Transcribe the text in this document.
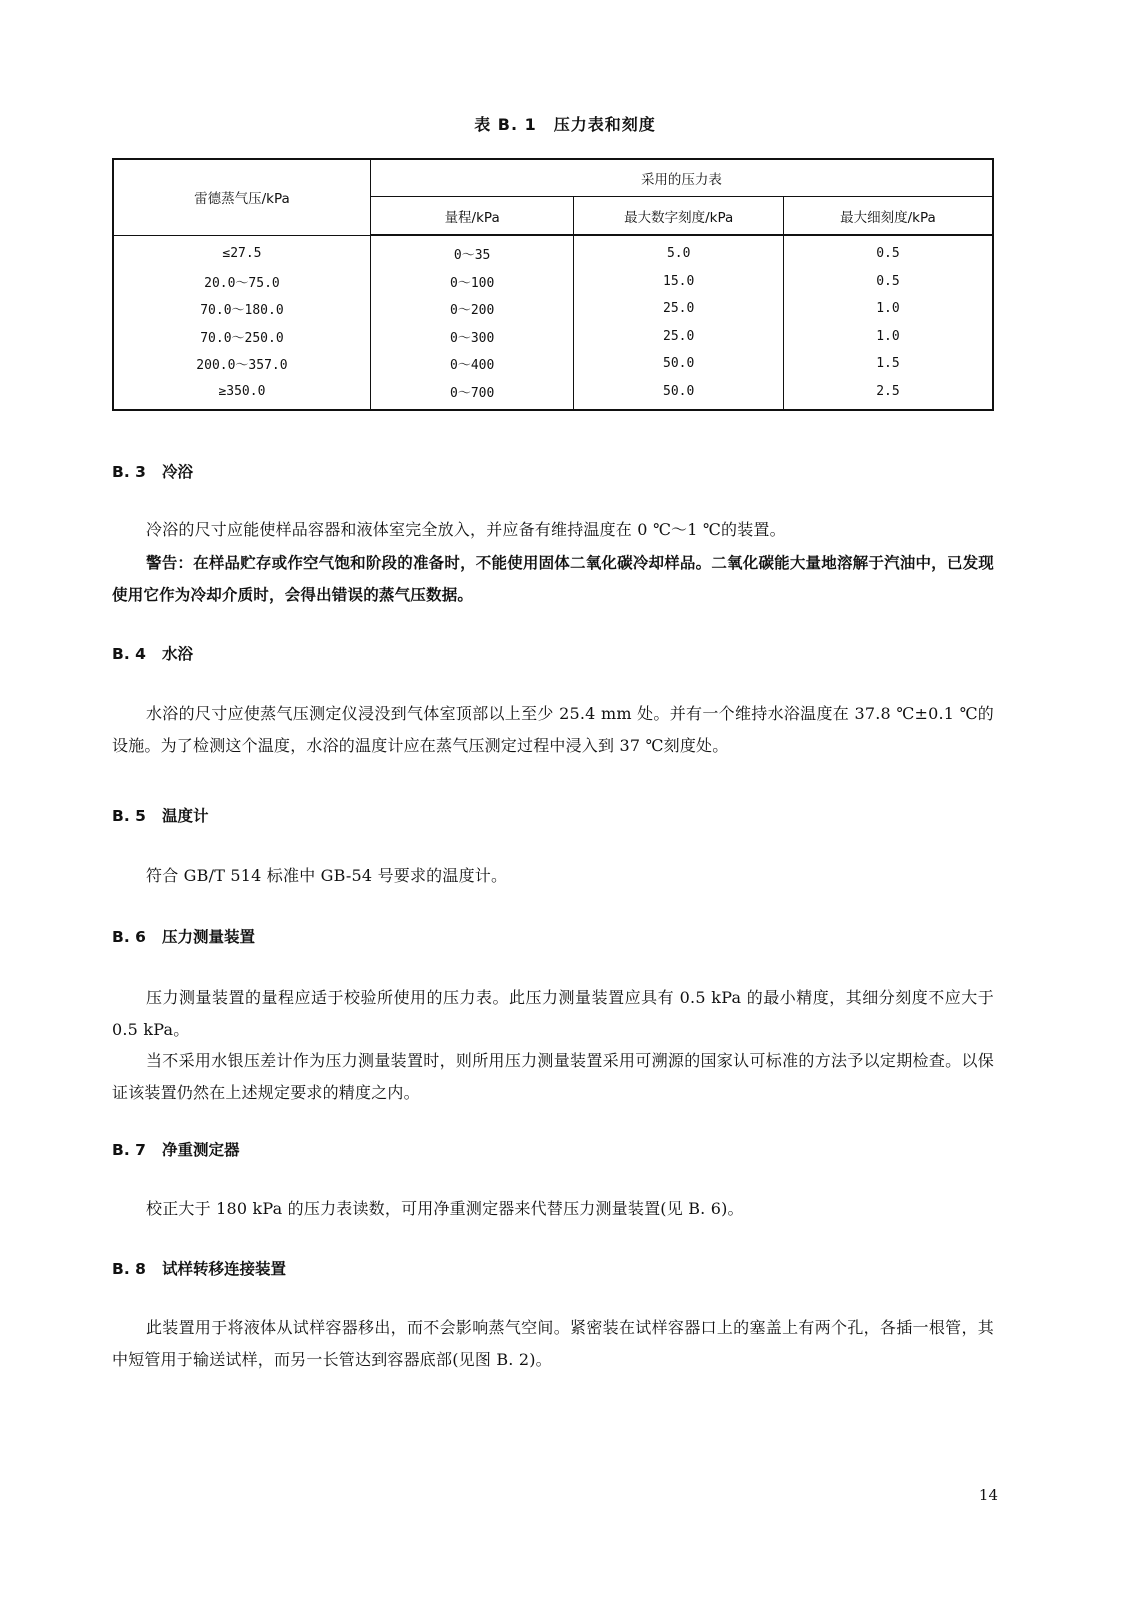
表 B. 1　压力表和刻度
雷德蒸气压/kPa	采用的压力表		
	量程/kPa	最大数字刻度/kPa	最大细刻度/kPa
≤27.5	0～35	5.0	0.5
20.0～75.0	0～100	15.0	0.5
70.0～180.0	0～200	25.0	1.0
70.0～250.0	0～300	25.0	1.0
200.0～357.0	0～400	50.0	1.5
≥350.0	0～700	50.0	2.5
B. 3 冷浴
冷浴的尺寸应能使样品容器和液体室完全放入，并应备有维持温度在 0 ℃～1 ℃的装置。
警告：在样品贮存或作空气饱和阶段的准备时，不能使用固体二氧化碳冷却样品。二氧化碳能大量地溶解于汽油中，已发现使用它作为冷却介质时，会得出错误的蒸气压数据。
B. 4 水浴
水浴的尺寸应使蒸气压测定仪浸没到气体室顶部以上至少 25.4 mm 处。并有一个维持水浴温度在 37.8 ℃±0.1 ℃的设施。为了检测这个温度，水浴的温度计应在蒸气压测定过程中浸入到 37 ℃刻度处。
B. 5 温度计
符合 GB/T 514 标准中 GB-54 号要求的温度计。
B. 6 压力测量装置
压力测量装置的量程应适于校验所使用的压力表。此压力测量装置应具有 0.5 kPa 的最小精度，其细分刻度不应大于 0.5 kPa。
当不采用水银压差计作为压力测量装置时，则所用压力测量装置采用可溯源的国家认可标准的方法予以定期检查。以保证该装置仍然在上述规定要求的精度之内。
B. 7 净重测定器
校正大于 180 kPa 的压力表读数，可用净重测定器来代替压力测量装置(见 B. 6)。
B. 8 试样转移连接装置
此装置用于将液体从试样容器移出，而不会影响蒸气空间。紧密装在试样容器口上的塞盖上有两个孔，各插一根管，其中短管用于输送试样，而另一长管达到容器底部(见图 B. 2)。
14
